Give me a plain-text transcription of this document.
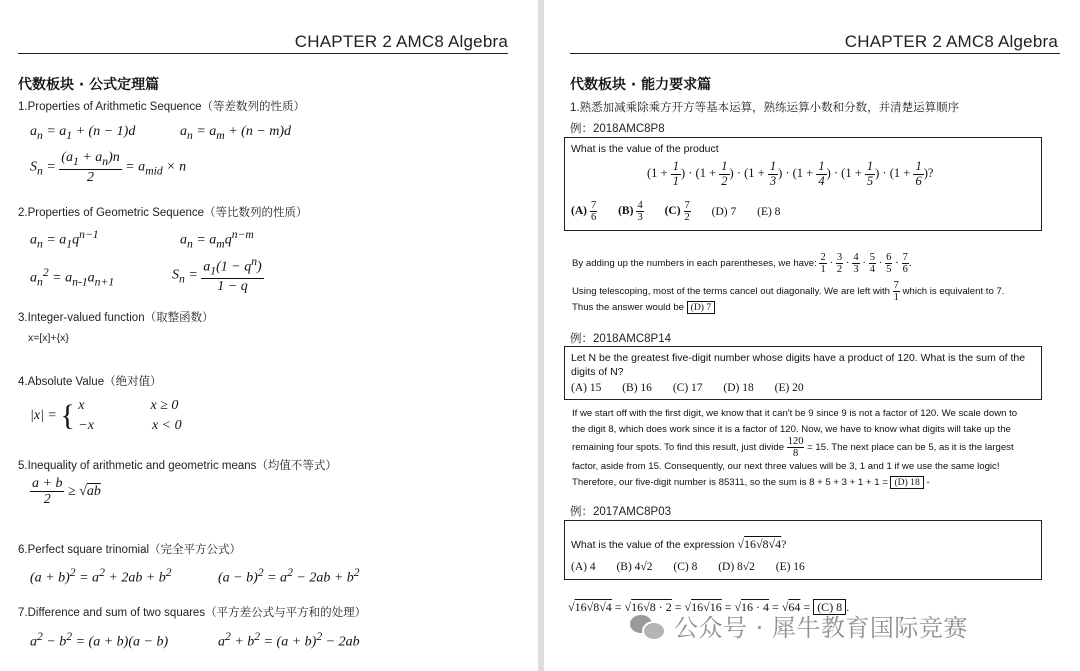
CHAPTER 2 AMC8 Algebra
代数板块 · 公式定理篇
1.Properties of Arithmetic Sequence（等差数列的性质）
$a_n = a_1 + (n - 1)d$	$a_n = a_m + (n - m)d$
$S_n = \frac{(a_1 + a_n)n}{2} = a_{mid} \times n$
2.Properties of Geometric Sequence（等比数列的性质）
$a_n = a_1q^{n-1}$	$a_n = a_mq^{n-m}$
$a_n^2 = a_{n-1}a_{n+1}$	$S_n = \frac{a_1(1 - q^n)}{1 - q}$
3.Integer-valued function（取整函数）
x=[x]+{x}
4.Absolute Value（绝对值）
|x| = { x	x ≥ 0
−x	x < 0
5.Inequality of arithmetic and geometric means（均值不等式）
$\frac{a + b}{2} \ge √ab$
6.Perfect square trinomial（完全平方公式）
$(a + b)^2 = a^2 + 2ab + b^2$	$(a - b)^2 = a^2 - 2ab + b^2$
7.Difference and sum of two squares（平方差公式与平方和的处理）
$a^2 - b^2 = (a + b)(a - b)$	$a^2 + b^2 = (a + b)^2 - 2ab$
CHAPTER 2 AMC8 Algebra
代数板块 · 能力要求篇
1.熟悉加减乘除乘方开方等基本运算，熟练运算小数和分数，并清楚运算顺序
例：2018AMC8P8
What is the value of the product
($1 + \frac{1}{1}$ ) · ($1 + \frac{1}{2}$ ) · ($1 + \frac{1}{3}$ ) · ($1 + \frac{1}{4}$ ) · ($1 + \frac{1}{5}$ ) · ($1 + \frac{1}{6}$ )?
$(A) \frac{7}{6} (B) \frac{4}{3} (C) \frac{7}{2} (D)$ 7 (E) 8
By adding up the numbers in each parentheses, we have: $\frac{2}{1} \cdot \frac{3}{2} \cdot \frac{4}{3} \cdot \frac{5}{4} \cdot \frac{6}{5} \cdot \frac{7}{6}$ .
Using telescoping, most of the terms cancel out diagonally. We are left with $\frac{7}{1}$ which is equivalent to 7.
Thus the answer would be (D) 7
例：2018AMC8P14
Let N be the greatest five-digit number whose digits have a product of 120. What is the sum of the digits of N?
(A) 15 (B) 16 (C) 17 (D) 18 (E) 20
If we start off with the first digit, we know that it can't be 9 since 9 is not a factor of 120. We scale down to
the digit 8, which does work since it is a factor of 120. Now, we have to know what digits will take up the
remaining four spots. To find this result, just divide $\frac{120}{8} = 15$. The next place can be 5, as it is the largest
factor, aside from 15. Consequently, our next three values will be 3, 1 and 1 if we use the same logic!
Therefore, our five-digit number is 85311, so the sum is 8 + 5 + 3 + 1 + 1 = (D) 18 -
例：2017AMC8P03
What is the value of the expression √16√8√4?
(A) 4 (B) 4√2 (C) 8 (D) 8√2 (E) 16
√16√8√4 = √16√8 · 2 = √16√16 = √16 · 4 = √64 = (C) 8 .
公众号 · 犀牛教育国际竞赛
